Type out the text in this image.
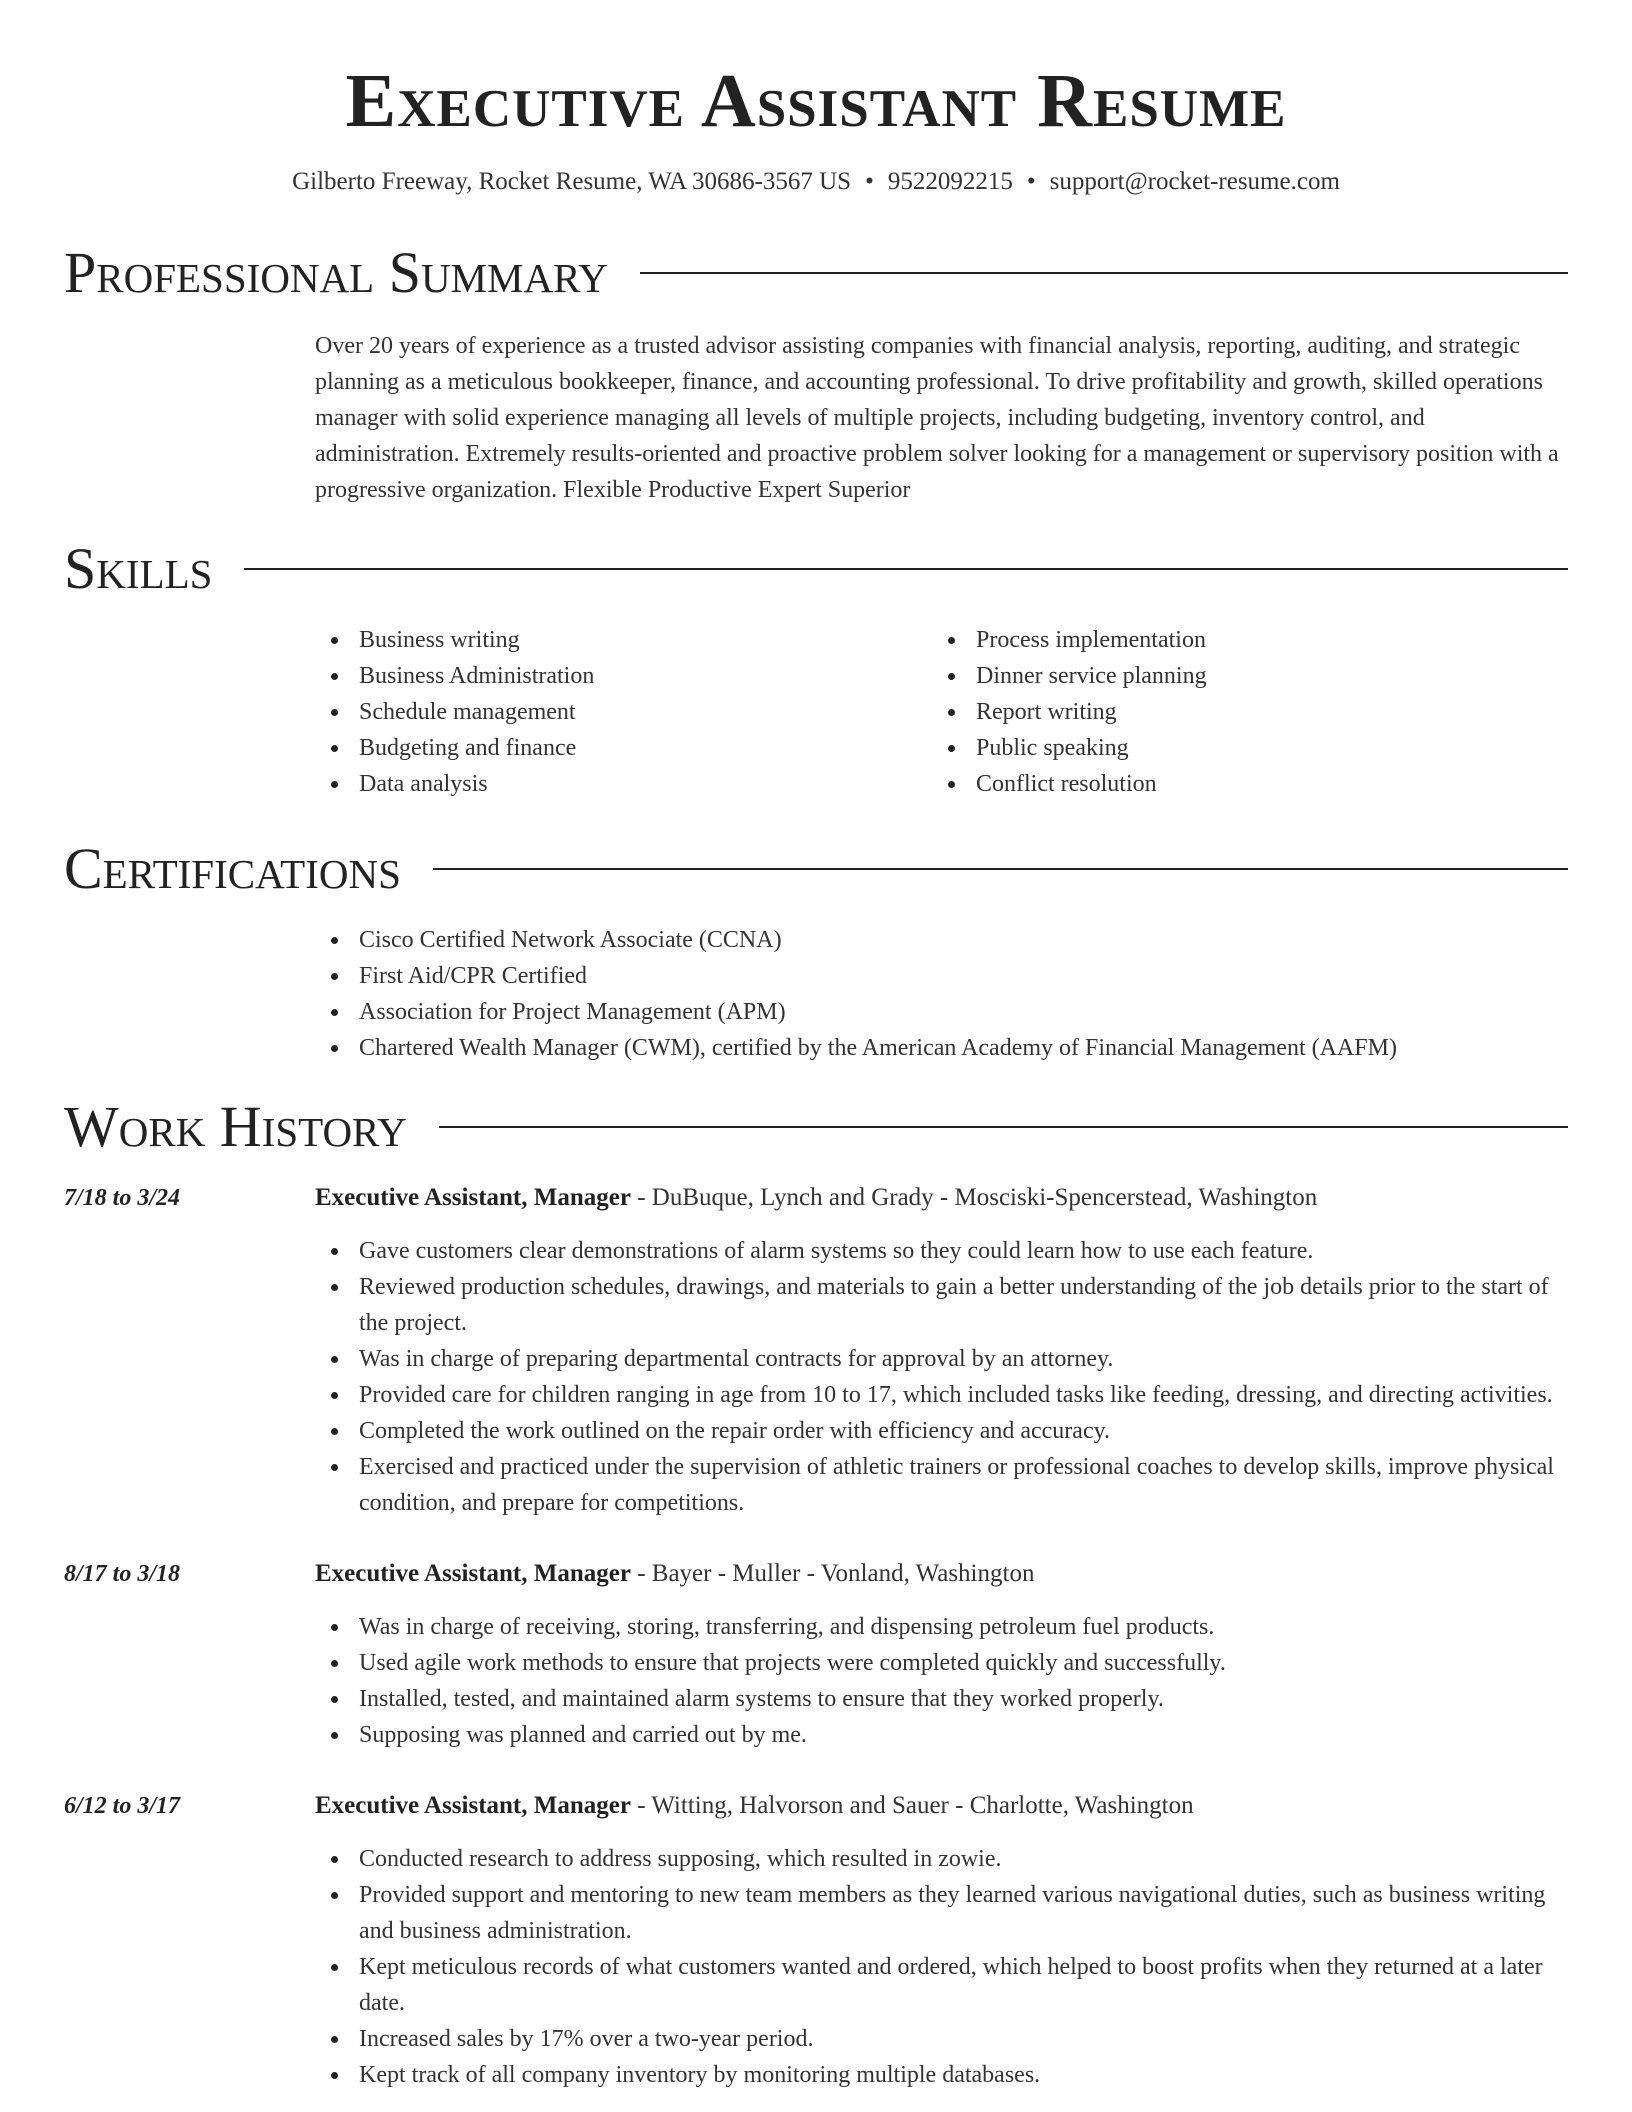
Executive Assistant Resume
Gilberto Freeway, Rocket Resume, WA 30686-3567 US • 9522092215 • support@rocket-resume.com
Professional Summary

Over 20 years of experience as a trusted advisor assisting companies with financial analysis, reporting, auditing, and strategic planning as a meticulous bookkeeper, finance, and accounting professional. To drive profitability and growth, skilled operations manager with solid experience managing all levels of multiple projects, including budgeting, inventory control, and administration. Extremely results-oriented and proactive problem solver looking for a management or supervisory position with a progressive organization. Flexible Productive Expert Superior

Skills
Business writing
Business Administration
Schedule management
Budgeting and finance
Data analysis
Process implementation
Dinner service planning
Report writing
Public speaking
Conflict resolution
Certifications
Cisco Certified Network Associate (CCNA)
First Aid/CPR Certified
Association for Project Management (APM)
Chartered Wealth Manager (CWM), certified by the American Academy of Financial Management (AAFM)
Work History
7/18 to 3/24	Executive Assistant, Manager - DuBuque, Lynch and Grady - Mosciski-Spencerstead, Washington
Gave customers clear demonstrations of alarm systems so they could learn how to use each feature.
Reviewed production schedules, drawings, and materials to gain a better understanding of the job details prior to the start of the project.
Was in charge of preparing departmental contracts for approval by an attorney.
Provided care for children ranging in age from 10 to 17, which included tasks like feeding, dressing, and directing activities.
Completed the work outlined on the repair order with efficiency and accuracy.
Exercised and practiced under the supervision of athletic trainers or professional coaches to develop skills, improve physical condition, and prepare for competitions.
8/17 to 3/18	Executive Assistant, Manager - Bayer - Muller - Vonland, Washington
Was in charge of receiving, storing, transferring, and dispensing petroleum fuel products.
Used agile work methods to ensure that projects were completed quickly and successfully.
Installed, tested, and maintained alarm systems to ensure that they worked properly.
Supposing was planned and carried out by me.
6/12 to 3/17	Executive Assistant, Manager - Witting, Halvorson and Sauer - Charlotte, Washington
Conducted research to address supposing, which resulted in zowie.
Provided support and mentoring to new team members as they learned various navigational duties, such as business writing and business administration.
Kept meticulous records of what customers wanted and ordered, which helped to boost profits when they returned at a later date.
Increased sales by 17% over a two-year period.
Kept track of all company inventory by monitoring multiple databases.
